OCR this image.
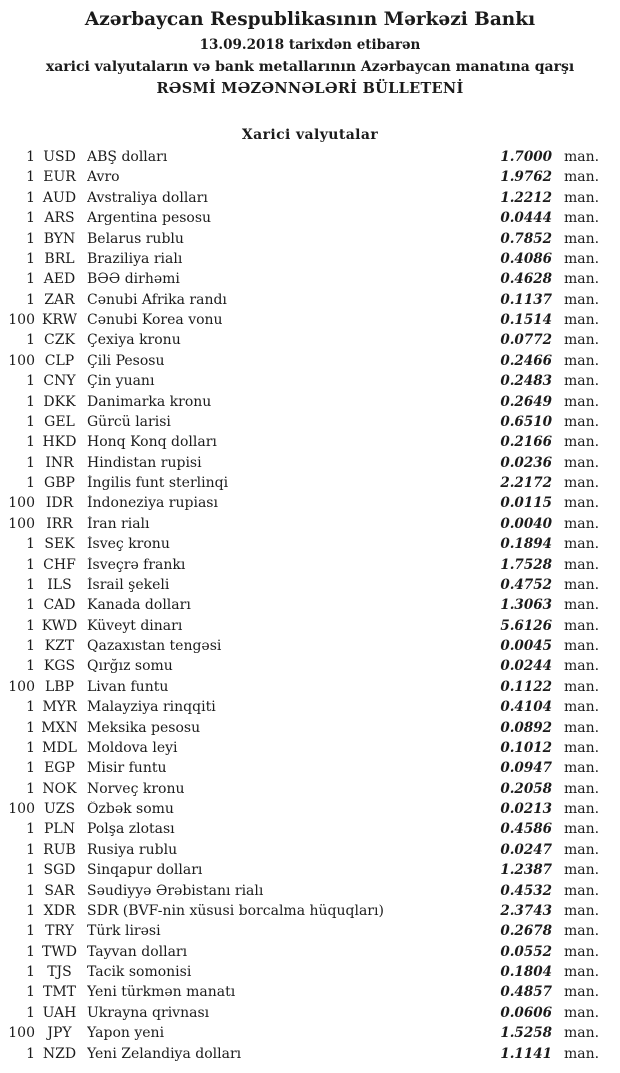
Azərbaycan Respublikasının Mərkəzi Bankı
13.09.2018 tarixdən etibarən
xarici valyutaların və bank metallarının Azərbaycan manatına qarşı
RƏSMİ MƏZƏNNƏLƏRİ BÜLLETENİ
Xarici valyutalar
1 USD ABŞ dolları	1.7000 man.
1 EUR Avro	1.9762 man.
1 AUD Avstraliya dolları	1.2212 man.
1 ARS Argentina pesosu	0.0444 man.
1 BYN Belarus rublu	0.7852 man.
1 BRL Braziliya rialı	0.4086 man.
1 AED BƏƏ dirhəmi	0.4628 man.
1 ZAR Cənubi Afrika randı	0.1137 man.
100 KRW Cənubi Korea vonu	0.1514 man.
1 CZK Çexiya kronu	0.0772 man.
100 CLP Çili Pesosu	0.2466 man.
1 CNY Çin yuanı	0.2483 man.
1 DKK Danimarka kronu	0.2649 man.
1 GEL Gürcü larisi	0.6510 man.
1 HKD Honq Konq dolları	0.2166 man.
1 INR Hindistan rupisi	0.0236 man.
1 GBP İngilis funt sterlinqi	2.2172 man.
100 IDR İndoneziya rupiası	0.0115 man.
100 IRR	İran rialı	0.0040 man.
1 SEK İsveç kronu	0.1894 man.
1 CHF İsveçrə frankı	1.7528 man.
1 ILS	İsrail şekeli	0.4752 man.
1 CAD Kanada dolları	1.3063 man.
1 KWD Küveyt dinarı	5.6126 man.
1 KZT Qazaxıstan tengəsi	0.0045 man.
1 KGS Qırğız somu	0.0244 man.
100 LBP Livan funtu	0.1122 man.
1 MYR Malayziya rinqqiti	0.4104 man.
1 MXN Meksika pesosu	0.0892 man.
1 MDL Moldova leyi	0.1012 man.
1 EGP Misir funtu	0.0947 man.
1 NOK Norveç kronu	0.2058 man.
100 UZS Özbək somu	0.0213 man.
1 PLN Polşa zlotası	0.4586 man.
1 RUB Rusiya rublu	0.0247 man.
1 SGD Sinqapur dolları	1.2387 man.
1 SAR Səudiyyə Ərəbistanı rialı	0.4532 man.
1 XDR SDR (BVF-nin xüsusi borcalma hüquqları)	2.3743 man.
1 TRY Türk lirəsi	0.2678 man.
1 TWD Tayvan dolları	0.0552 man.
1 TJS	Tacik somonisi	0.1804 man.
1 TMT Yeni türkmən manatı	0.4857 man.
1 UAH Ukrayna qrivnası	0.0606 man.
100 JPY	Yapon yeni	1.5258 man.
1 NZD Yeni Zelandiya dolları	1.1141 man.
